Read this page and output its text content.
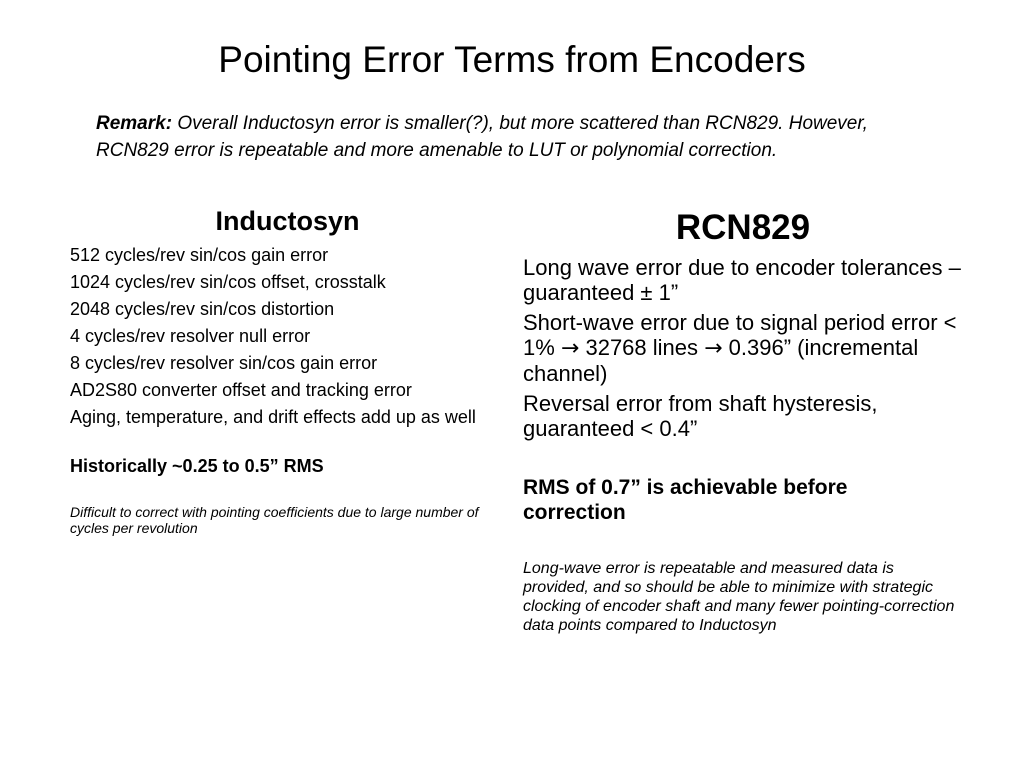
Pointing Error Terms from Encoders
Remark: Overall Inductosyn error is smaller(?), but more scattered than RCN829. However, RCN829 error is repeatable and more amenable to LUT or polynomial correction.
Inductosyn
512 cycles/rev sin/cos gain error
1024 cycles/rev sin/cos offset, crosstalk
2048 cycles/rev sin/cos distortion
4 cycles/rev resolver null error
8 cycles/rev resolver sin/cos gain error
AD2S80 converter offset and tracking error
Aging, temperature, and drift effects add up as well
Historically ~0.25 to 0.5” RMS
Difficult to correct with pointing coefficients due to large number of cycles per revolution
RCN829
Long wave error due to encoder tolerances – guaranteed ± 1”
Short-wave error due to signal period error < 1% → 32768 lines → 0.396” (incremental channel)
Reversal error from shaft hysteresis, guaranteed < 0.4”
RMS of 0.7” is achievable before correction
Long-wave error is repeatable and measured data is provided, and so should be able to minimize with strategic clocking of encoder shaft and many fewer pointing-correction data points compared to Inductosyn
